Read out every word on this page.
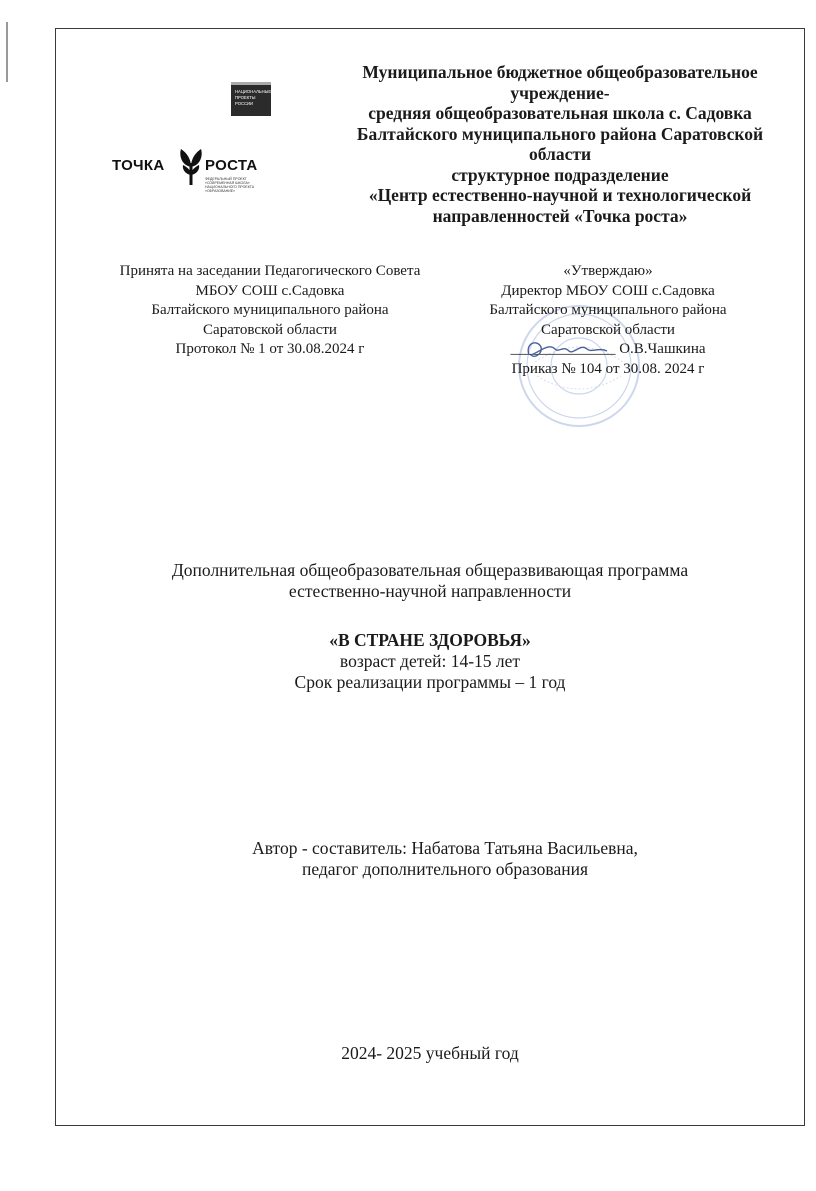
НАЦИОНАЛЬНЫЕ
ПРОЕКТЫ
РОССИИ
ТОЧКА	РОСТА
ФЕДЕРАЛЬНЫЙ ПРОЕКТ «СОВРЕМЕННАЯ ШКОЛА»
НАЦИОНАЛЬНОГО ПРОЕКТА «ОБРАЗОВАНИЕ»
Муниципальное бюджетное общеобразовательное
учреждение-
средняя общеобразовательная школа с. Садовка
Балтайского муниципального района Саратовской
области
структурное подразделение
«Центр естественно-научной и технологической
направленностей «Точка роста»
Принята на заседании Педагогического Совета
МБОУ СОШ с.Садовка
Балтайского муниципального района
Саратовской области
Протокол № 1 от 30.08.2024 г
«Утверждаю»
Директор МБОУ СОШ с.Садовка
Балтайского муниципального района
Саратовской области
______________ О.В.Чашкина
Приказ № 104 от 30.08. 2024 г
Дополнительная общеобразовательная общеразвивающая программа
естественно-научной направленности
«В СТРАНЕ ЗДОРОВЬЯ»
возраст детей: 14-15 лет
Срок реализации программы – 1 год
Автор - составитель: Набатова Татьяна Васильевна,
педагог дополнительного образования
2024- 2025 учебный год
